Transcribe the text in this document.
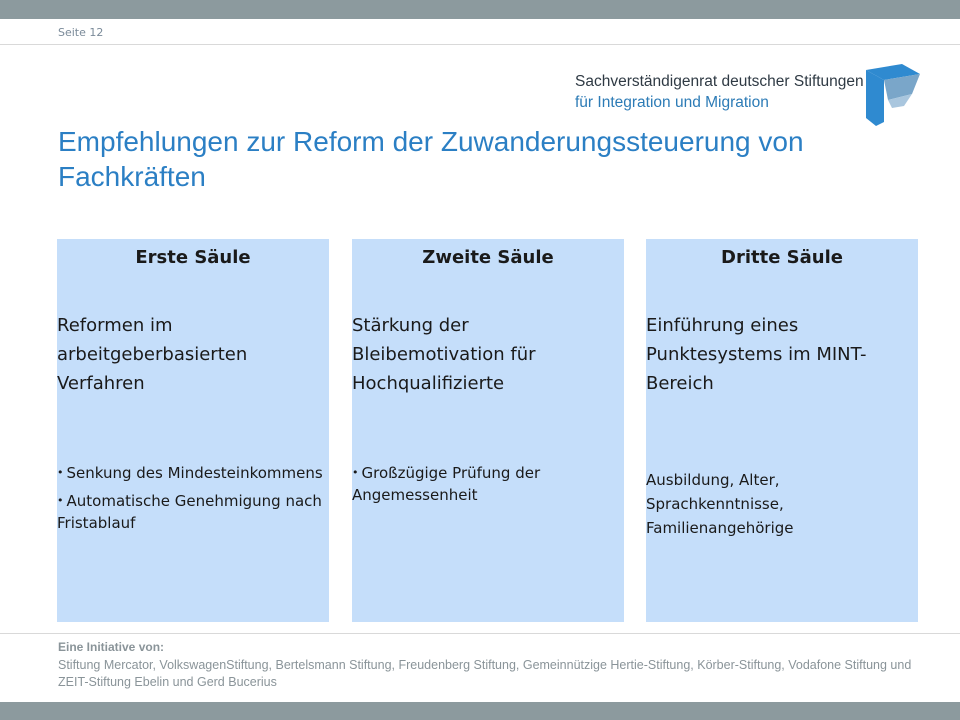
Seite 12
Sachverständigenrat deutscher Stiftungen
für Integration und Migration
Empfehlungen zur Reform der Zuwanderungssteuerung von Fachkräften
Erste Säule
Reformen im arbeitgeberbasierten Verfahren
• Senkung des Mindesteinkommens
• Automatische Genehmigung nach Fristablauf
Zweite Säule
Stärkung der Bleibemotivation für Hochqualifizierte
• Großzügige Prüfung der Angemessenheit
Dritte Säule
Einführung eines Punktesystems im MINT-Bereich
Ausbildung, Alter, Sprachkenntnisse, Familienangehörige
Eine Initiative von:
Stiftung Mercator, VolkswagenStiftung, Bertelsmann Stiftung, Freudenberg Stiftung, Gemeinnützige Hertie-Stiftung, Körber-Stiftung, Vodafone Stiftung und ZEIT-Stiftung Ebelin und Gerd Bucerius
